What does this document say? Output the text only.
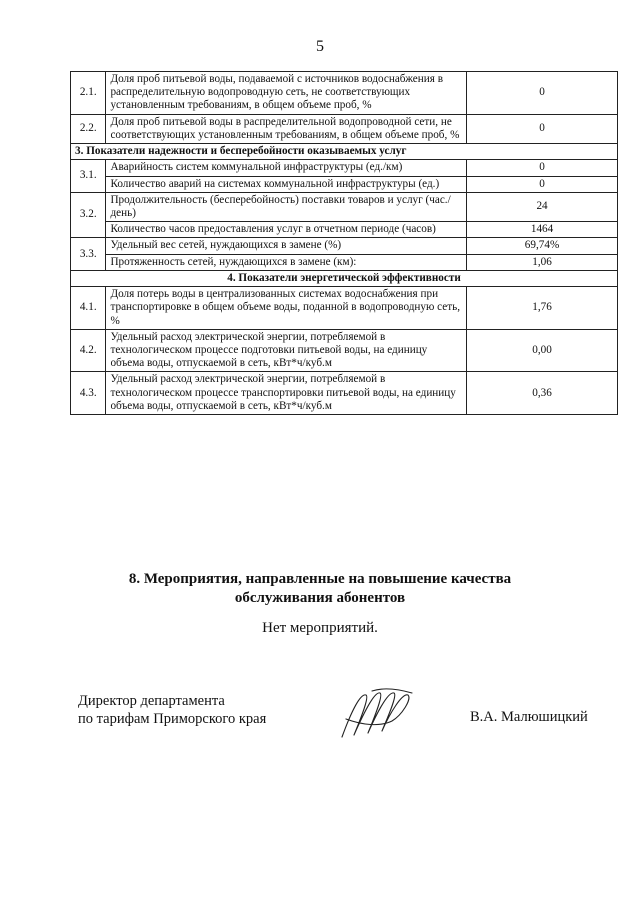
5
2.1.	Доля проб питьевой воды, подаваемой с источников водоснабжения в распределительную водопроводную сеть, не соответствующих установленным требованиям, в общем объеме проб, %	0
2.2.	Доля проб питьевой воды в распределительной водопроводной сети, не соответствующих установленным требованиям, в общем объеме проб, %	0
3. Показатели надежности и бесперебойности оказываемых услуг		
3.1.	Аварийность систем коммунальной инфраструктуры (ед./км)	0
	Количество аварий на системах коммунальной инфраструктуры (ед.)	0
3.2.	Продолжительность (бесперебойность) поставки товаров и услуг (час./день)	24
	Количество часов предоставления услуг в отчетном периоде (часов)	1464
3.3.	Удельный вес сетей, нуждающихся в замене (%)	69,74%
	Протяженность сетей, нуждающихся в замене (км):	1,06
4. Показатели энергетической эффективности		
4.1.	Доля потерь воды в централизованных системах водоснабжения при транспортировке в общем объеме воды, поданной в водопроводную сеть, %	1,76
4.2.	Удельный расход электрической энергии, потребляемой в технологическом процессе подготовки питьевой воды, на единицу объема воды, отпускаемой в сеть, кВт*ч/куб.м	0,00
4.3.	Удельный расход электрической энергии, потребляемой в технологическом процессе транспортировки питьевой воды, на единицу объема воды, отпускаемой в сеть, кВт*ч/куб.м	0,36
8. Мероприятия, направленные на повышение качества
обслуживания абонентов
Нет мероприятий.
Директор департамента
по тарифам Приморского края	В.А. Малюшицкий
